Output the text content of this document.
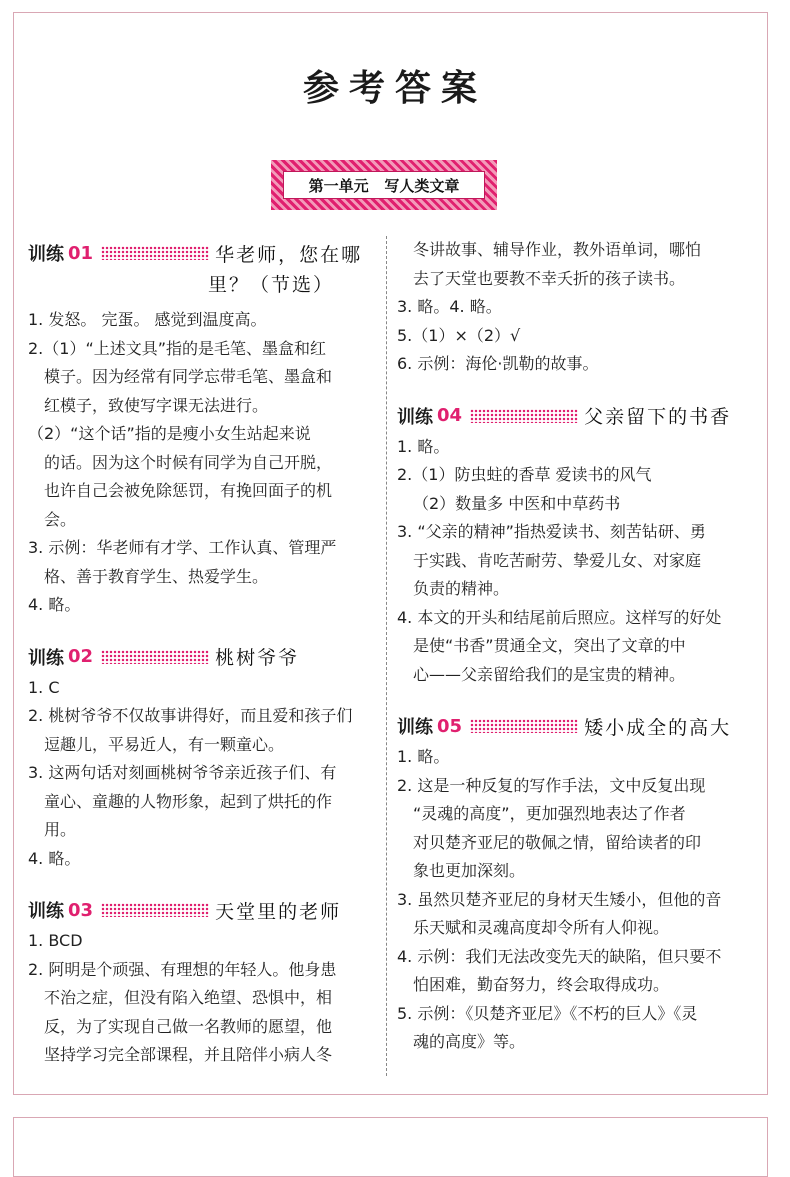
参考答案
第一单元   写人类文章
训练 01	华老师，您在哪
里？（节选）
1. 发怒。 完蛋。 感觉到温度高。
2.（1）“上述文具”指的是毛笔、墨盒和红
模子。因为经常有同学忘带毛笔、墨盒和
红模子，致使写字课无法进行。
（2）“这个话”指的是瘦小女生站起来说
的话。因为这个时候有同学为自己开脱，
也许自己会被免除惩罚，有挽回面子的机
会。
3. 示例：华老师有才学、工作认真、管理严
格、善于教育学生、热爱学生。
4. 略。
训练 02	桃树爷爷
1. C
2. 桃树爷爷不仅故事讲得好，而且爱和孩子们
逗趣儿，平易近人，有一颗童心。
3. 这两句话对刻画桃树爷爷亲近孩子们、有
童心、童趣的人物形象，起到了烘托的作
用。
4. 略。
训练 03	天堂里的老师
1. BCD
2. 阿明是个顽强、有理想的年轻人。他身患
不治之症，但没有陷入绝望、恐惧中，相
反，为了实现自己做一名教师的愿望，他
坚持学习完全部课程，并且陪伴小病人冬
冬讲故事、辅导作业，教外语单词，哪怕
去了天堂也要教不幸夭折的孩子读书。
3. 略。4. 略。
5.（1）×（2）√
6. 示例：海伦·凯勒的故事。
训练 04	父亲留下的书香
1. 略。
2.（1）防虫蛀的香草 爱读书的风气
（2）数量多 中医和中草药书
3. “父亲的精神”指热爱读书、刻苦钻研、勇
于实践、肯吃苦耐劳、挚爱儿女、对家庭
负责的精神。
4. 本文的开头和结尾前后照应。这样写的好处
是使“书香”贯通全文，突出了文章的中
心——父亲留给我们的是宝贵的精神。
训练 05	矮小成全的高大
1. 略。
2. 这是一种反复的写作手法，文中反复出现
“灵魂的高度”，更加强烈地表达了作者
对贝楚齐亚尼的敬佩之情，留给读者的印
象也更加深刻。
3. 虽然贝楚齐亚尼的身材天生矮小，但他的音
乐天赋和灵魂高度却令所有人仰视。
4. 示例：我们无法改变先天的缺陷，但只要不
怕困难，勤奋努力，终会取得成功。
5. 示例：《贝楚齐亚尼》《不朽的巨人》《灵
魂的高度》等。
